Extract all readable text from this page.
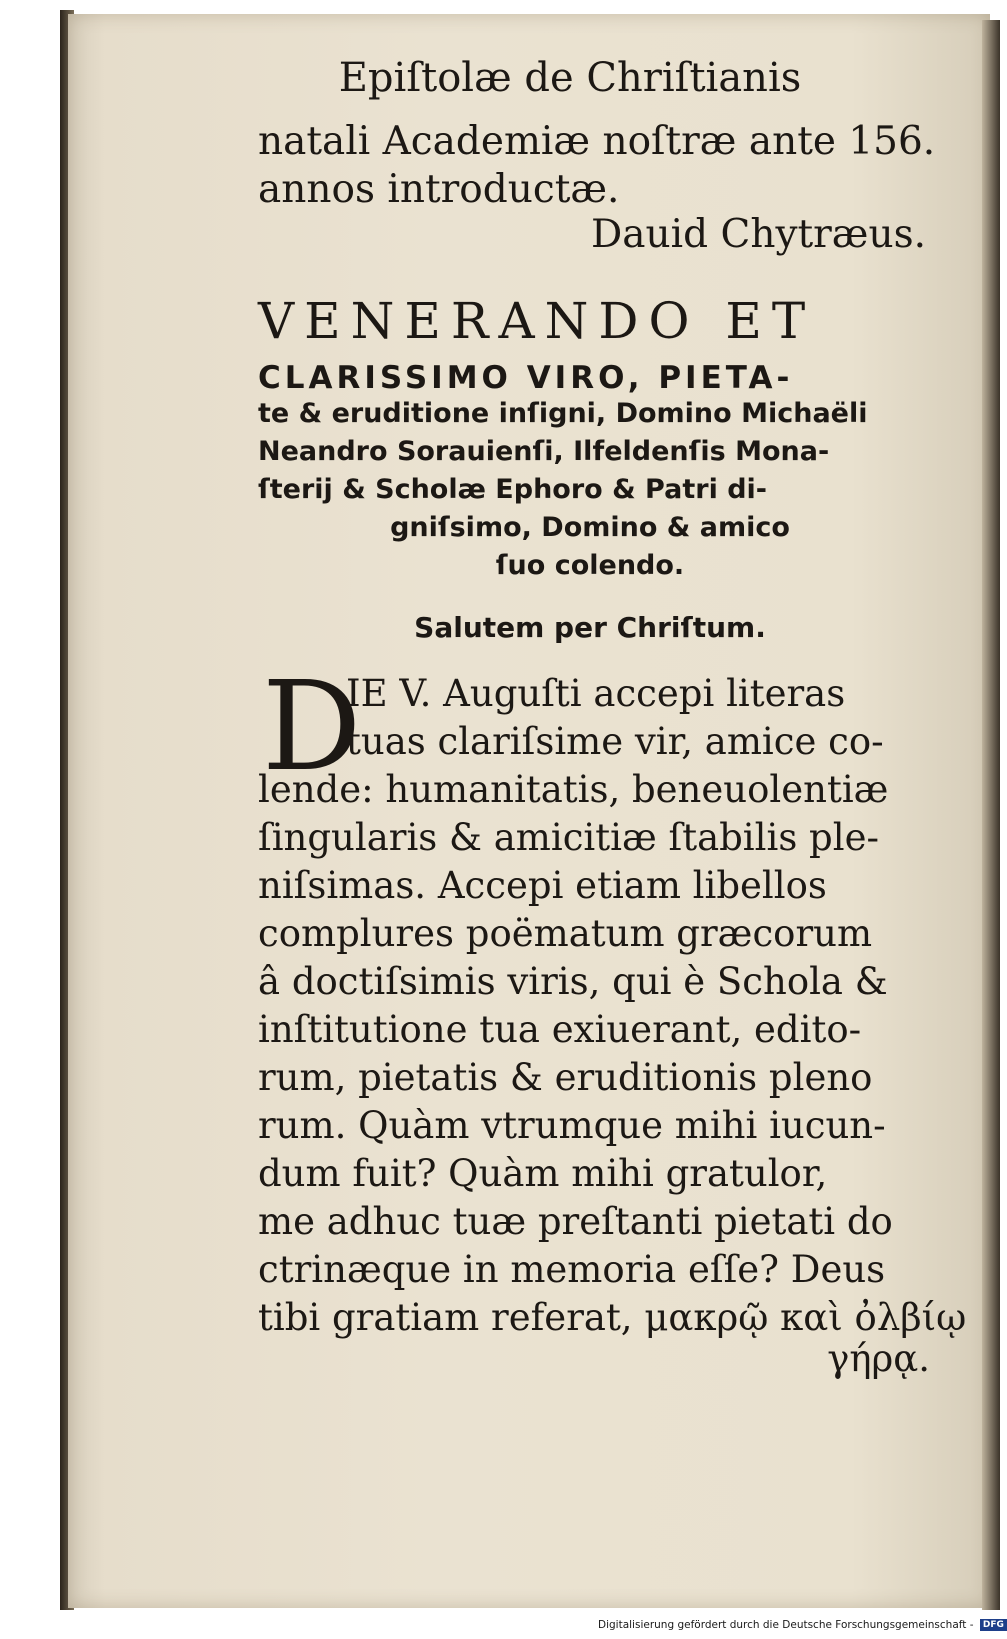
Epiſtolæ de Chriſtianis
natali Academiæ noſtræ ante 156.
annos introductæ.
Dauid Chytræus.
VENERANDO ET
CLARISSIMO VIRO, PIETA-
te & eruditione inſigni, Domino Michaëli
Neandro Sorauienſi, Ilfeldenſis Mona-
ſterij & Scholæ Ephoro & Patri di-
gniſsimo, Domino & amico
ſuo colendo.
Salutem per Chriſtum.
D
IE V. Auguſti accepi literas
tuas clariſsime vir, amice co-
lende: humanitatis, beneuolentiæ
ſingularis & amicitiæ ſtabilis ple-
niſsimas. Accepi etiam libellos
complures poëmatum græcorum
â doctiſsimis viris, qui è Schola &
inſtitutione tua exiuerant, edito-
rum, pietatis & eruditionis pleno
rum. Quàm vtrumque mihi iucun-
dum fuit? Quàm mihi gratulor,
me adhuc tuæ preſtanti pietati do
ctrinæque in memoria eſſe? Deus
tibi gratiam referat, μακρῷ καὶ ὀλβίῳ
γήρᾳ.
Digitalisierung gefördert durch die Deutsche Forschungsgemeinschaft - DFG
